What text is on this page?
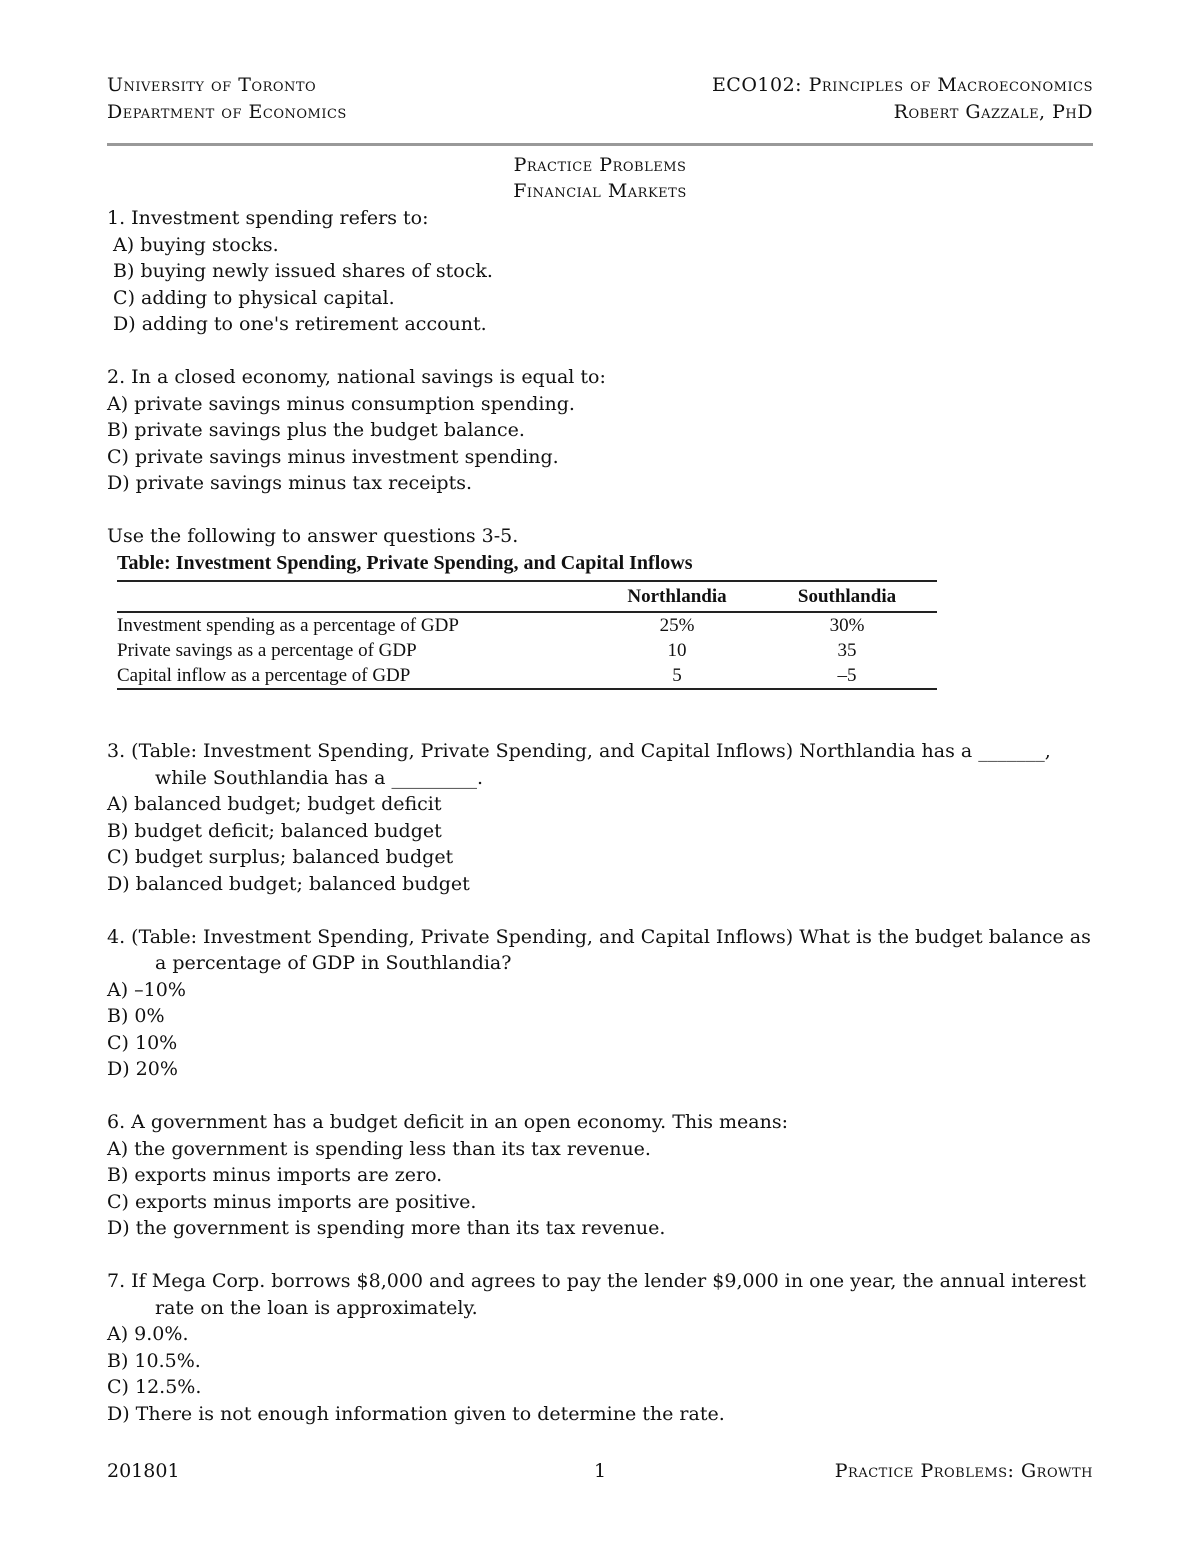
University of Toronto
Department of Economics
ECO102: Principles of Macroeconomics
Robert Gazzale, PhD
Practice Problems
Financial Markets
1. Investment spending refers to:
A) buying stocks.
B) buying newly issued shares of stock.
C) adding to physical capital.
D) adding to one's retirement account.
2. In a closed economy, national savings is equal to:
A) private savings minus consumption spending.
B) private savings plus the budget balance.
C) private savings minus investment spending.
D) private savings minus tax receipts.
Use the following to answer questions 3-5.
Table: Investment Spending, Private Spending, and Capital Inflows
	Northlandia	Southlandia
Investment spending as a percentage of GDP	25%	30%
Private savings as a percentage of GDP	10	35
Capital inflow as a percentage of GDP	5	–5
3. (Table: Investment Spending, Private Spending, and Capital Inflows) Northlandia has a _______, while Southlandia has a _________.
A) balanced budget; budget deficit
B) budget deficit; balanced budget
C) budget surplus; balanced budget
D) balanced budget; balanced budget
4. (Table: Investment Spending, Private Spending, and Capital Inflows) What is the budget balance as a percentage of GDP in Southlandia?
A) –10%
B) 0%
C) 10%
D) 20%
6. A government has a budget deficit in an open economy. This means:
A) the government is spending less than its tax revenue.
B) exports minus imports are zero.
C) exports minus imports are positive.
D) the government is spending more than its tax revenue.
7. If Mega Corp. borrows $8,000 and agrees to pay the lender $9,000 in one year, the annual interest rate on the loan is approximately.
A) 9.0%.
B) 10.5%.
C) 12.5%.
D) There is not enough information given to determine the rate.
201801	1	Practice Problems: Growth
